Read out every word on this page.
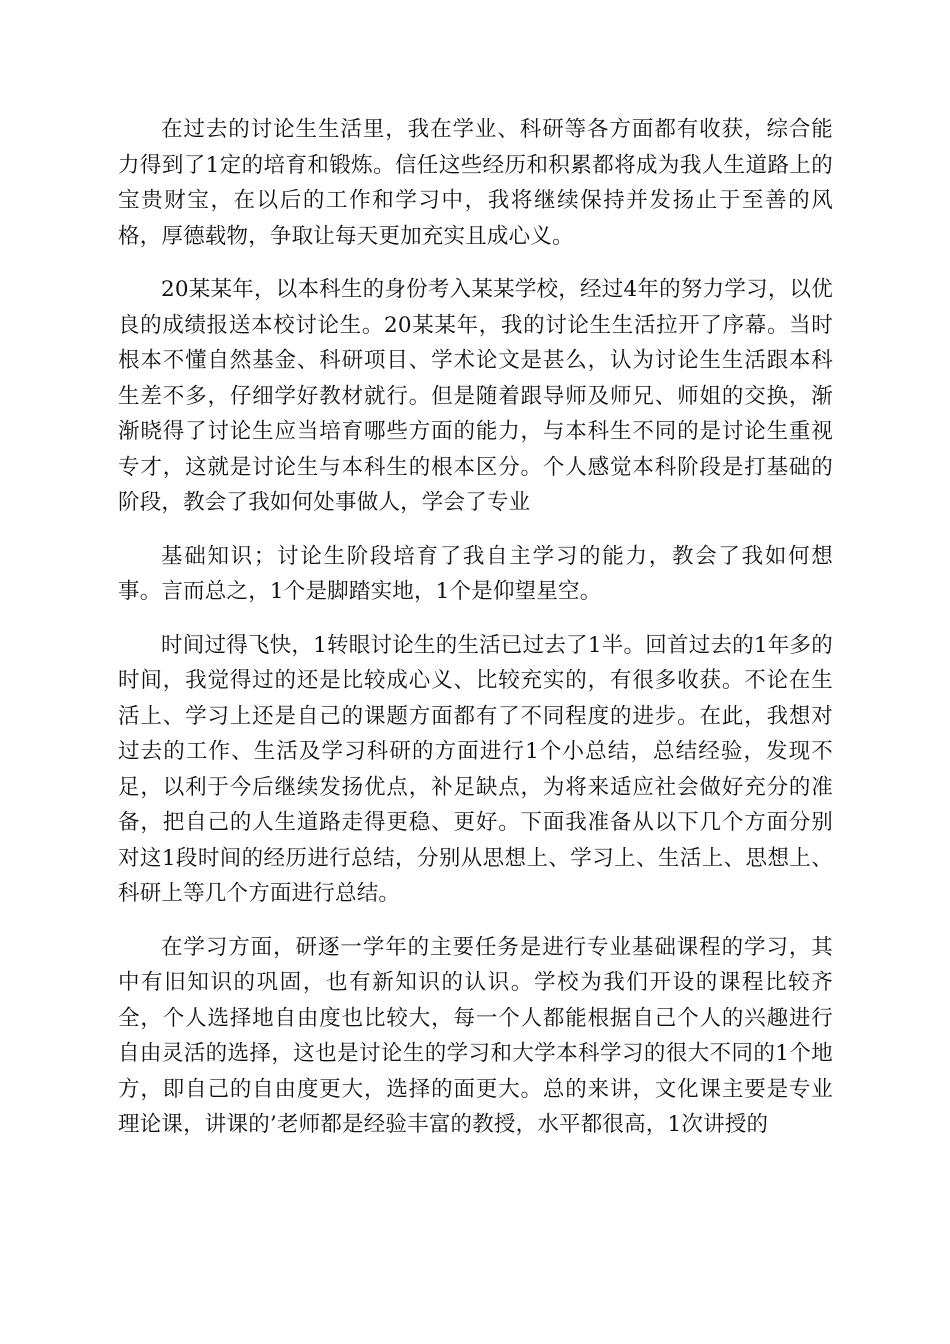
在过去的讨论生生活里，我在学业、科研等各方面都有收获，综合能力得到了1定的培育和锻炼。信任这些经历和积累都将成为我人生道路上的宝贵财宝，在以后的工作和学习中，我将继续保持并发扬止于至善的风格，厚德载物，争取让每天更加充实且成心义。

20某某年，以本科生的身份考入某某学校，经过4年的努力学习，以优良的成绩报送本校讨论生。20某某年，我的讨论生生活拉开了序幕。当时根本不懂自然基金、科研项目、学术论文是甚么，认为讨论生生活跟本科生差不多，仔细学好教材就行。但是随着跟导师及师兄、师姐的交换，渐渐晓得了讨论生应当培育哪些方面的能力，与本科生不同的是讨论生重视专才，这就是讨论生与本科生的根本区分。个人感觉本科阶段是打基础的阶段，教会了我如何处事做人，学会了专业

基础知识；讨论生阶段培育了我自主学习的能力，教会了我如何想事。言而总之，1个是脚踏实地，1个是仰望星空。

时间过得飞快，1转眼讨论生的生活已过去了1半。回首过去的1年多的时间，我觉得过的还是比较成心义、比较充实的，有很多收获。不论在生活上、学习上还是自己的课题方面都有了不同程度的进步。在此，我想对过去的工作、生活及学习科研的方面进行1个小总结，总结经验，发现不足，以利于今后继续发扬优点，补足缺点，为将来适应社会做好充分的准备，把自己的人生道路走得更稳、更好。下面我准备从以下几个方面分别对这1段时间的经历进行总结，分别从思想上、学习上、生活上、思想上、科研上等几个方面进行总结。

在学习方面，研逐一学年的主要任务是进行专业基础课程的学习，其中有旧知识的巩固，也有新知识的认识。学校为我们开设的课程比较齐全，个人选择地自由度也比较大，每一个人都能根据自己个人的兴趣进行自由灵活的选择，这也是讨论生的学习和大学本科学习的很大不同的1个地方，即自己的自由度更大，选择的面更大。总的来讲，文化课主要是专业理论课，讲课的’老师都是经验丰富的教授，水平都很高，1次讲授的
